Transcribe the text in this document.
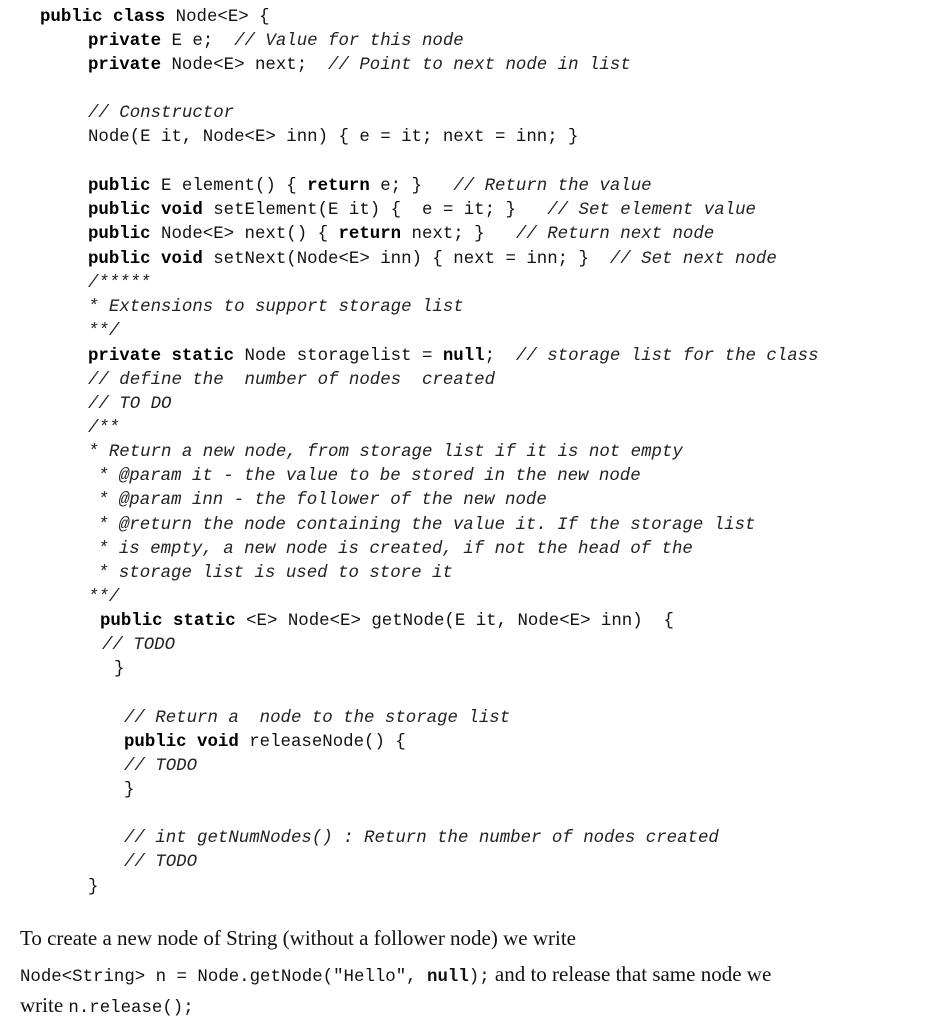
public class Node<E> {
private E e;  // Value for this node
private Node<E> next;  // Point to next node in list
// Constructor
Node(E it, Node<E> inn) { e = it; next = inn; }
public E element() { return e; }   // Return the value
public void setElement(E it) {  e = it; }   // Set element value
public Node<E> next() { return next; }   // Return next node
public void setNext(Node<E> inn) { next = inn; }  // Set next node
/*****
* Extensions to support storage list
**/
private static Node storagelist = null;  // storage list for the class
// define the  number of nodes  created
// TO DO
/**
* Return a new node, from storage list if it is not empty
* @param it - the value to be stored in the new node
* @param inn - the follower of the new node
* @return the node containing the value it. If the storage list
* is empty, a new node is created, if not the head of the
* storage list is used to store it
**/
public static <E> Node<E> getNode(E it, Node<E> inn)  {
// TODO
}
// Return a  node to the storage list
public void releaseNode() {
// TODO
}
// int getNumNodes() : Return the number of nodes created
// TODO
}
To create a new node of String (without a follower node) we write
Node<String> n = Node.getNode("Hello", null); and to release that same node we
write n.release();
